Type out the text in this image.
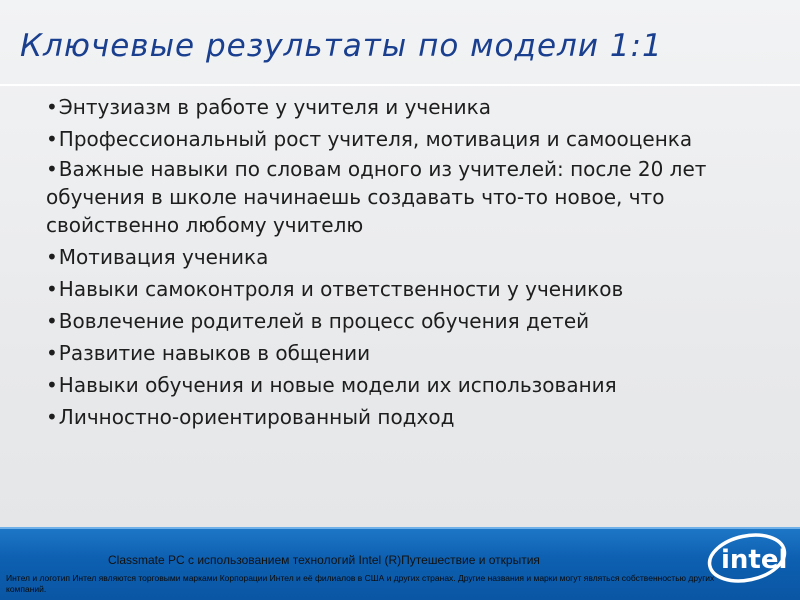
Ключевые результаты по модели 1:1
•Энтузиазм в работе у учителя и ученика
•Профессиональный рост учителя, мотивация и самооценка
•Важные навыки по словам одного из учителей: после 20 лет обучения в школе начинаешь создавать что-то новое, что свойственно любому учителю
•Мотивация ученика
•Навыки самоконтроля и ответственности у учеников
•Вовлечение родителей в процесс обучения детей
•Развитие навыков в общении
•Навыки обучения и новые модели их использования
•Личностно-ориентированный подход
Classmate PC с использованием технологий Intel (R)Путешествие и открытия
Интел и логотип Интел являются торговыми марками Корпорации Интел и её филиалов в США и других странах. Другие названия и марки могут являться собственностью других компаний.
intel
